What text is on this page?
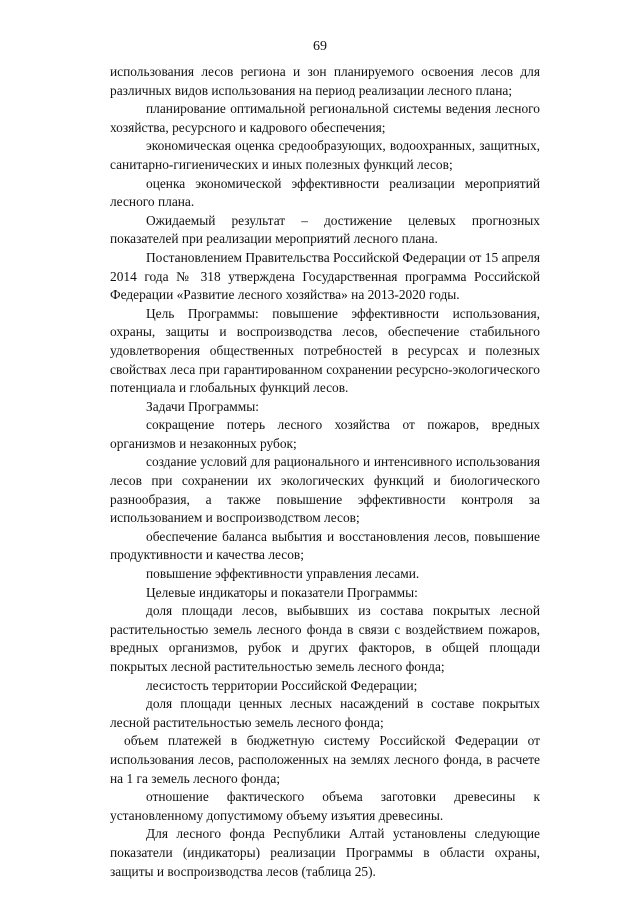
69

использования лесов региона и зон планируемого освоения лесов для различных видов использования на период реализации лесного плана;

планирование оптимальной региональной системы ведения лесного хозяйства, ресурсного и кадрового обеспечения;

экономическая оценка средообразующих, водоохранных, защитных, санитарно-гигиенических и иных полезных функций лесов;

оценка экономической эффективности реализации мероприятий лесного плана.

Ожидаемый результат – достижение целевых прогнозных показателей при реализации мероприятий лесного плана.

Постановлением Правительства Российской Федерации от 15 апреля 2014 года № 318 утверждена Государственная программа Российской Федерации «Развитие лесного хозяйства» на 2013-2020 годы.

Цель Программы: повышение эффективности использования, охраны, защиты и воспроизводства лесов, обеспечение стабильного удовлетворения общественных потребностей в ресурсах и полезных свойствах леса при гарантированном сохранении ресурсно-экологического потенциала и глобальных функций лесов.

Задачи Программы:

сокращение потерь лесного хозяйства от пожаров, вредных организмов и незаконных рубок;

создание условий для рационального и интенсивного использования лесов при сохранении их экологических функций и биологического разнообразия, а также повышение эффективности контроля за использованием и воспроизводством лесов;

обеспечение баланса выбытия и восстановления лесов, повышение продуктивности и качества лесов;

повышение эффективности управления лесами.

Целевые индикаторы и показатели Программы:

доля площади лесов, выбывших из состава покрытых лесной растительностью земель лесного фонда в связи с воздействием пожаров, вредных организмов, рубок и других факторов, в общей площади покрытых лесной растительностью земель лесного фонда;

лесистость территории Российской Федерации;

доля площади ценных лесных насаждений в составе покрытых лесной растительностью земель лесного фонда;

объем платежей в бюджетную систему Российской Федерации от использования лесов, расположенных на землях лесного фонда, в расчете на 1 га земель лесного фонда;

отношение фактического объема заготовки древесины к установленному допустимому объему изъятия древесины.

Для лесного фонда Республики Алтай установлены следующие показатели (индикаторы) реализации Программы в области охраны, защиты и воспроизводства лесов (таблица 25).
